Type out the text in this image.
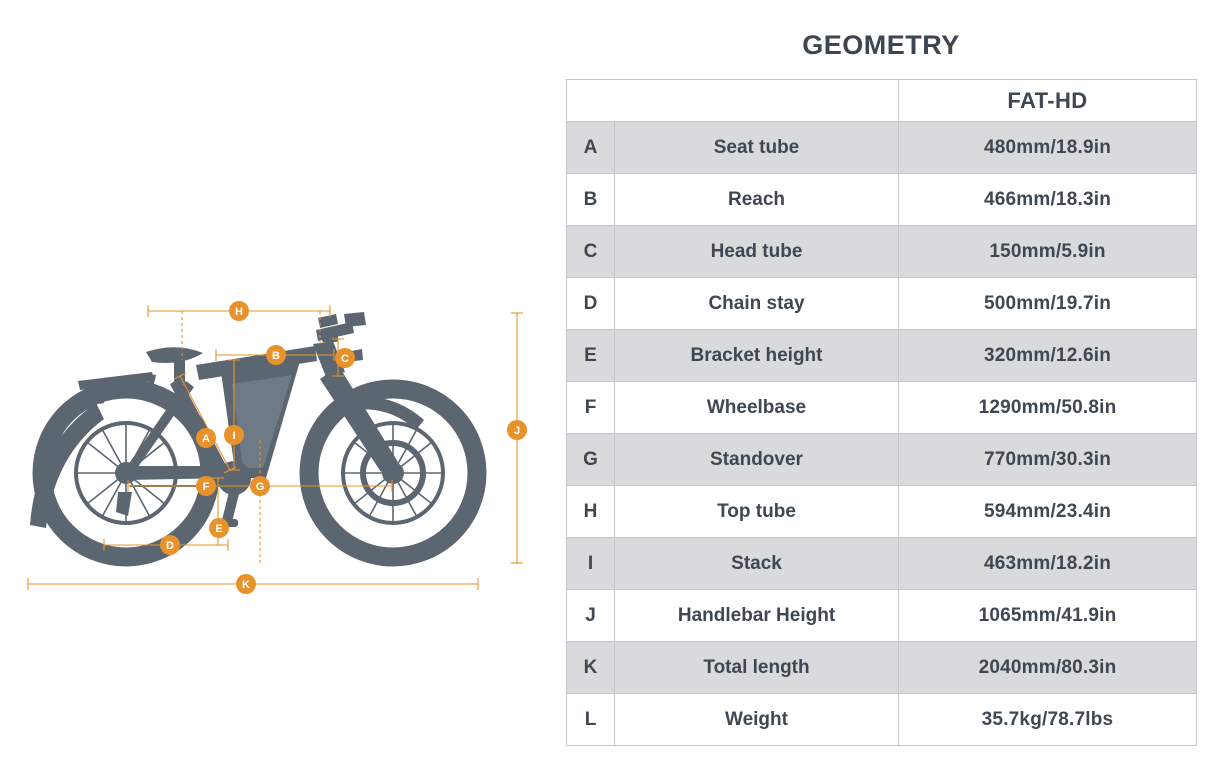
H
B	C
A I	J
F	G
E
D
K
GEOMETRY
		FAT-HD
A	Seat tube	480mm/18.9in
B	Reach	466mm/18.3in
C	Head tube	150mm/5.9in
D	Chain stay	500mm/19.7in
E	Bracket height	320mm/12.6in
F	Wheelbase	1290mm/50.8in
G	Standover	770mm/30.3in
H	Top tube	594mm/23.4in
I	Stack	463mm/18.2in
J	Handlebar Height	1065mm/41.9in
K	Total length	2040mm/80.3in
L	Weight	35.7kg/78.7lbs
